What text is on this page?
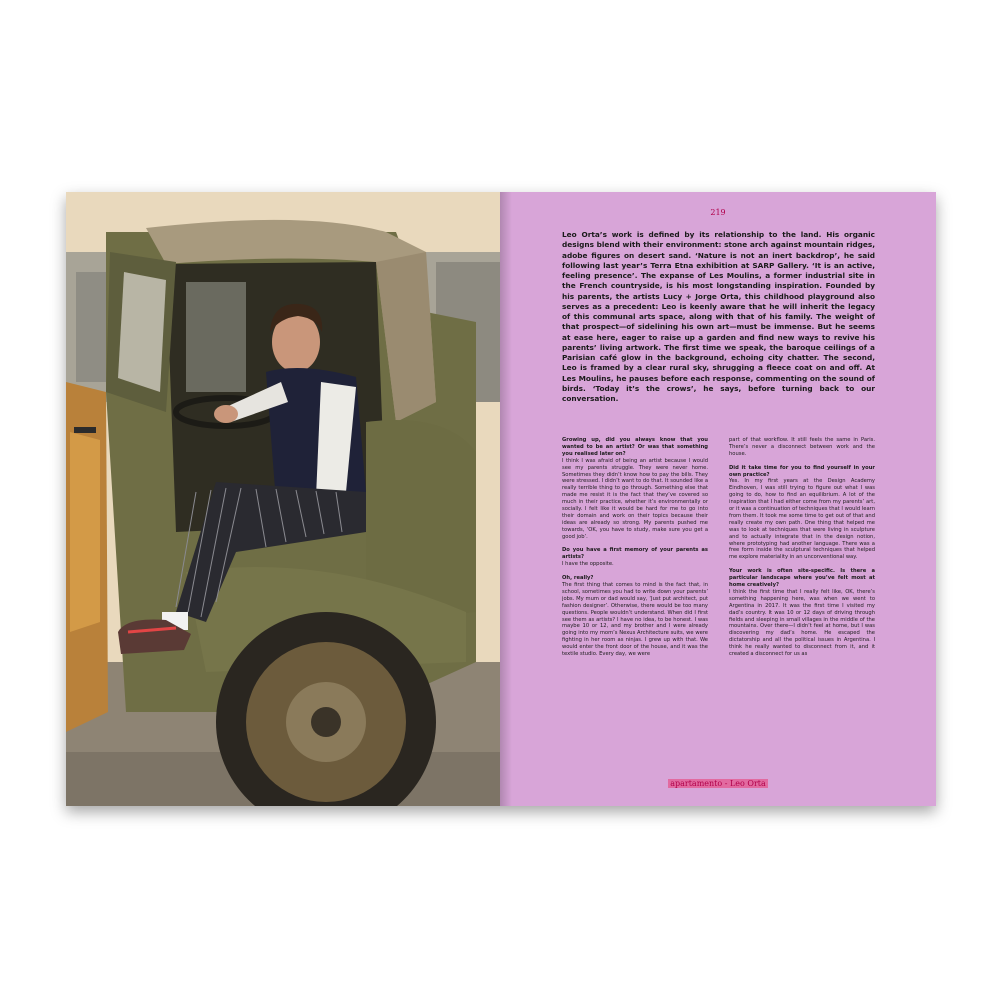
219

Leo Orta’s work is defined by its relationship to the land. His organic designs blend with their environment: stone arch against mountain ridges, adobe figures on desert sand. ‘Nature is not an inert backdrop’, he said following last year’s Terra Etna exhibition at SARP Gallery. ‘It is an active, feeling presence’. The expanse of Les Moulins, a former industrial site in the French countryside, is his most longstanding inspiration. Founded by his parents, the artists Lucy + Jorge Orta, this childhood playground also serves as a precedent: Leo is keenly aware that he will inherit the legacy of this communal arts space, along with that of his family. The weight of that prospect—of sidelining his own art—must be immense. But he seems at ease here, eager to raise up a garden and find new ways to revive his parents’ living artwork. The first time we speak, the baroque ceilings of a Parisian café glow in the background, echoing city chatter. The second, Leo is framed by a clear rural sky, shrugging a fleece coat on and off. At Les Moulins, he pauses before each response, commenting on the sound of birds. ‘Today it’s the crows’, he says, before turning back to our conversation.

Growing up, did you always know that you wanted to be an artist? Or was that something you realised later on?
I think I was afraid of being an artist because I would see my parents struggle. They were never home. Sometimes they didn’t know how to pay the bills. They were stressed. I didn’t want to do that. It sounded like a really terrible thing to go through. Something else that made me resist it is the fact that they’ve covered so much in their practice, whether it’s environmentally or socially. I felt like it would be hard for me to go into their domain and work on their topics because their ideas are already so strong. My parents pushed me towards, ‘OK, you have to study, make sure you get a good job’.

Do you have a first memory of your parents as artists?
I have the opposite.

Oh, really?
The first thing that comes to mind is the fact that, in school, sometimes you had to write down your parents’ jobs. My mum or dad would say, ‘Just put architect, put fashion designer’. Otherwise, there would be too many questions. People wouldn’t understand. When did I first see them as artists? I have no idea, to be honest. I was maybe 10 or 12, and my brother and I were already going into my mom’s Nexus Architecture suits, we were fighting in her room as ninjas. I grew up with that. We would enter the front door of the house, and it was the textile studio. Every day, we were

part of that workflow. It still feels the same in Paris. There’s never a disconnect between work and the house.

Did it take time for you to find yourself in your own practice?
Yes. In my first years at the Design Academy Eindhoven, I was still trying to figure out what I was going to do, how to find an equilibrium. A lot of the inspiration that I had either come from my parents’ art, or it was a continuation of techniques that I would learn from them. It took me some time to get out of that and really create my own path. One thing that helped me was to look at techniques that were living in sculpture and to actually integrate that in the design notion, where prototyping had another language. There was a free form inside the sculptural techniques that helped me explore materiality in an unconventional way.

Your work is often site-specific. Is there a particular landscape where you’ve felt most at home creatively?
I think the first time that I really felt like, OK, there’s something happening here, was when we went to Argentina in 2017. It was the first time I visited my dad’s country. It was 10 or 12 days of driving through fields and sleeping in small villages in the middle of the mountains. Over there—I didn’t feel at home, but I was discovering my dad’s home. He escaped the dictatorship and all the political issues in Argentina. I think he really wanted to disconnect from it, and it created a disconnect for us as

apartamento - Leo Orta
